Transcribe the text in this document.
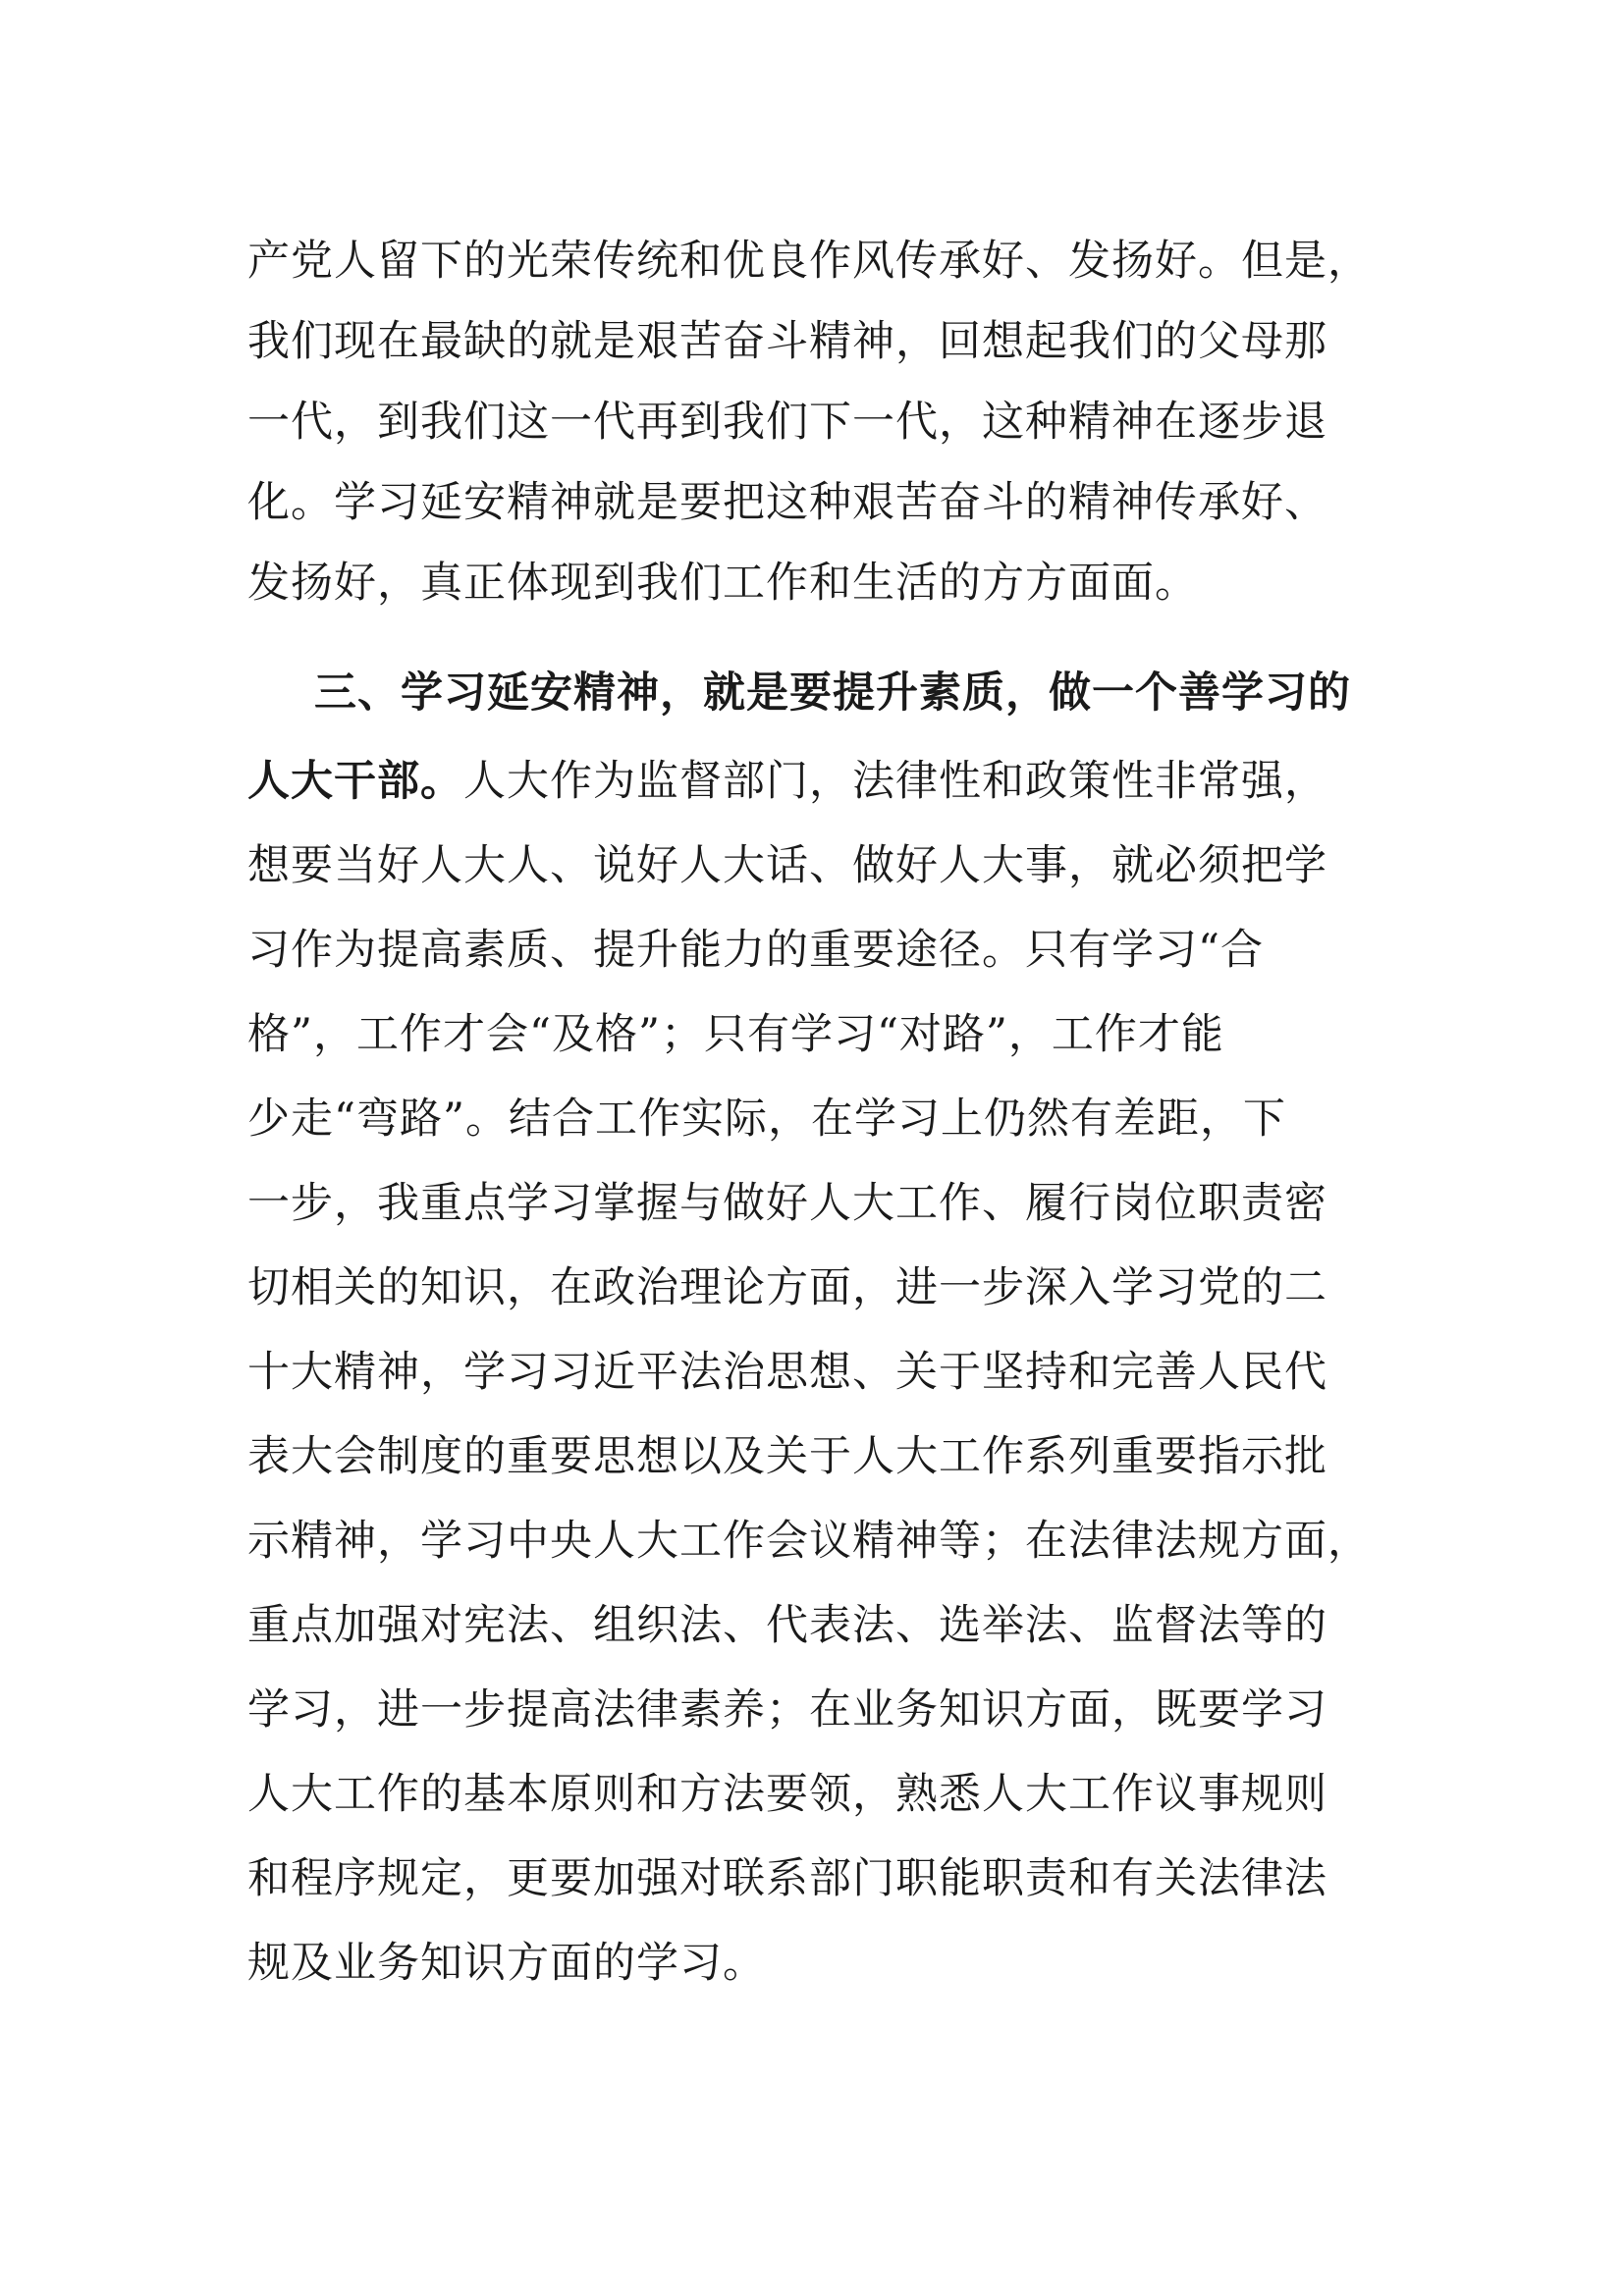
产党人留下的光荣传统和优良作风传承好、发扬好。但是，
我们现在最缺的就是艰苦奋斗精神，回想起我们的父母那
一代，到我们这一代再到我们下一代，这种精神在逐步退
化。学习延安精神就是要把这种艰苦奋斗的精神传承好、
发扬好，真正体现到我们工作和生活的方方面面。
三、学习延安精神，就是要提升素质，做一个善学习的
人大干部。人大作为监督部门，法律性和政策性非常强，
想要当好人大人、说好人大话、做好人大事，就必须把学
习作为提高素质、提升能力的重要途径。只有学习“合
格”，工作才会“及格”；只有学习“对路”，工作才能
少走“弯路”。结合工作实际，在学习上仍然有差距，下
一步，我重点学习掌握与做好人大工作、履行岗位职责密
切相关的知识，在政治理论方面，进一步深入学习党的二
十大精神，学习习近平法治思想、关于坚持和完善人民代
表大会制度的重要思想以及关于人大工作系列重要指示批
示精神，学习中央人大工作会议精神等；在法律法规方面，
重点加强对宪法、组织法、代表法、选举法、监督法等的
学习，进一步提高法律素养；在业务知识方面，既要学习
人大工作的基本原则和方法要领，熟悉人大工作议事规则
和程序规定，更要加强对联系部门职能职责和有关法律法
规及业务知识方面的学习。
